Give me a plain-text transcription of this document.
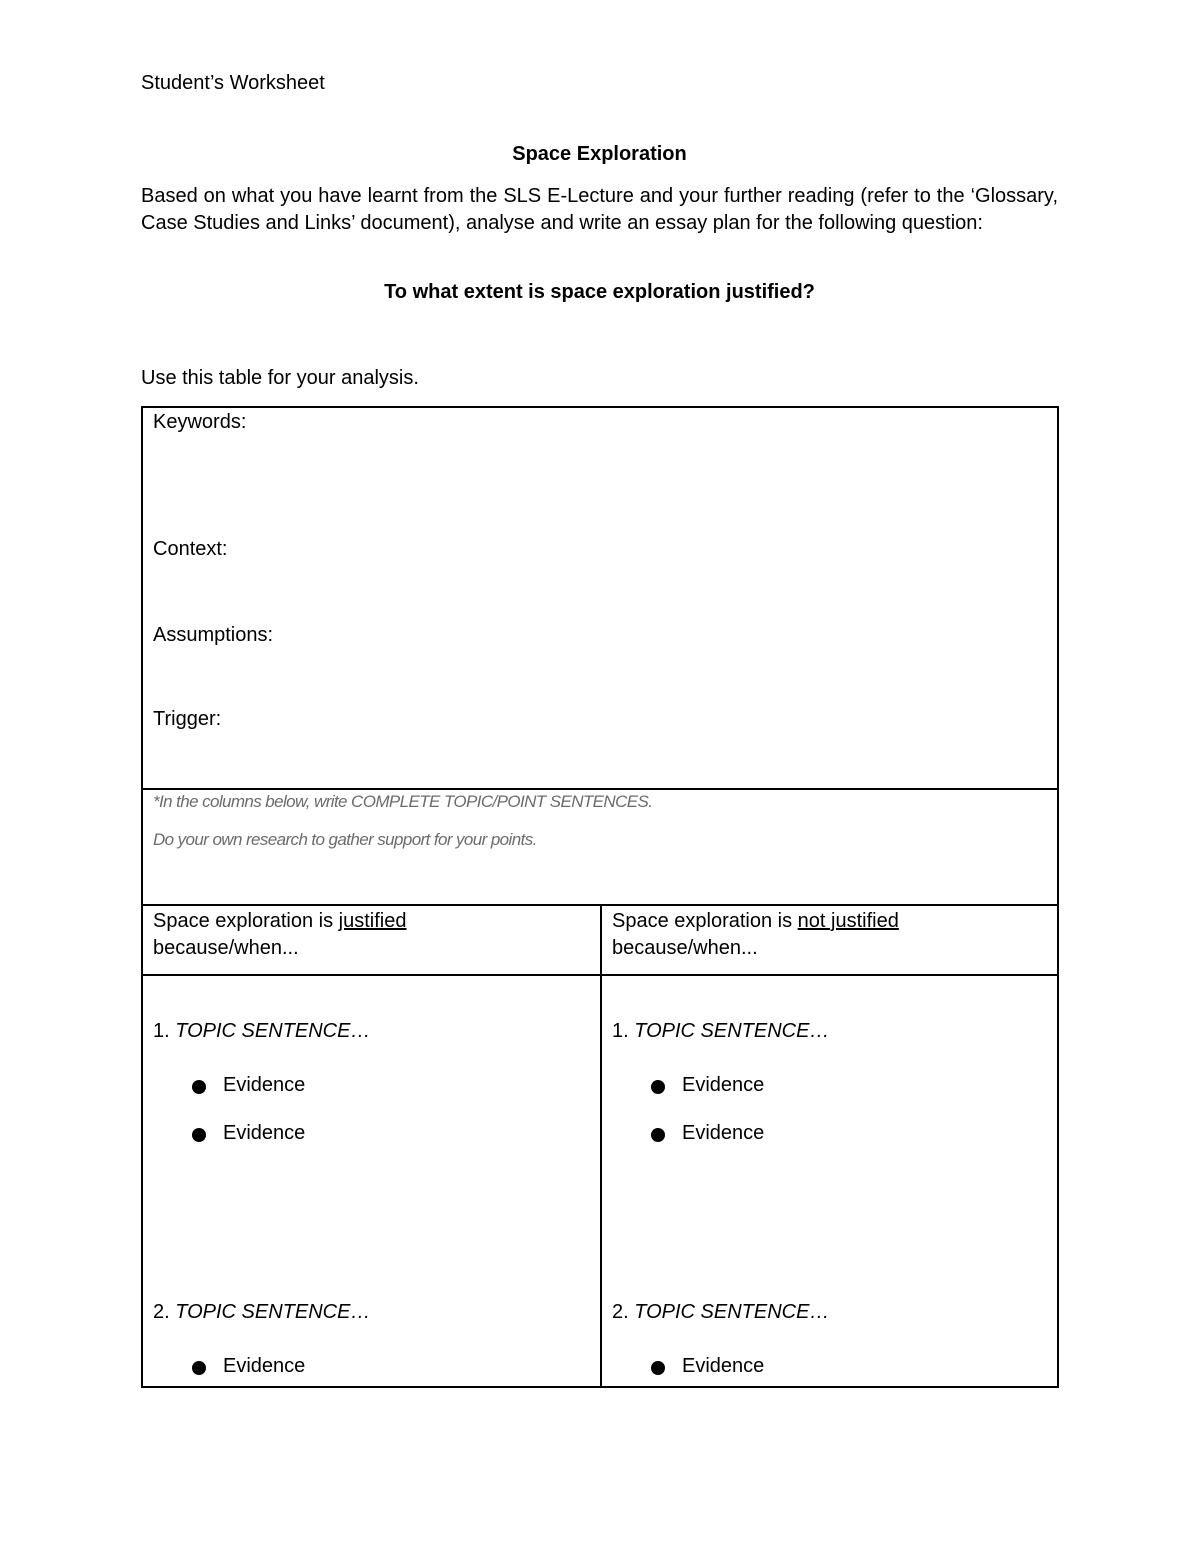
Student’s Worksheet
Space Exploration
Based on what you have learnt from the SLS E-Lecture and your further reading (refer to the ‘Glossary, Case Studies and Links’ document), analyse and write an essay plan for the following question:
To what extent is space exploration justified?
Use this table for your analysis.
Keywords:
Context:
Assumptions:
Trigger:
*In the columns below, write COMPLETE TOPIC/POINT SENTENCES.
Do your own research to gather support for your points.
Space exploration is justified
because/when...
Space exploration is not justified
because/when...
1. TOPIC SENTENCE…
Evidence
Evidence
2. TOPIC SENTENCE…
Evidence
1. TOPIC SENTENCE…
Evidence
Evidence
2. TOPIC SENTENCE…
Evidence
